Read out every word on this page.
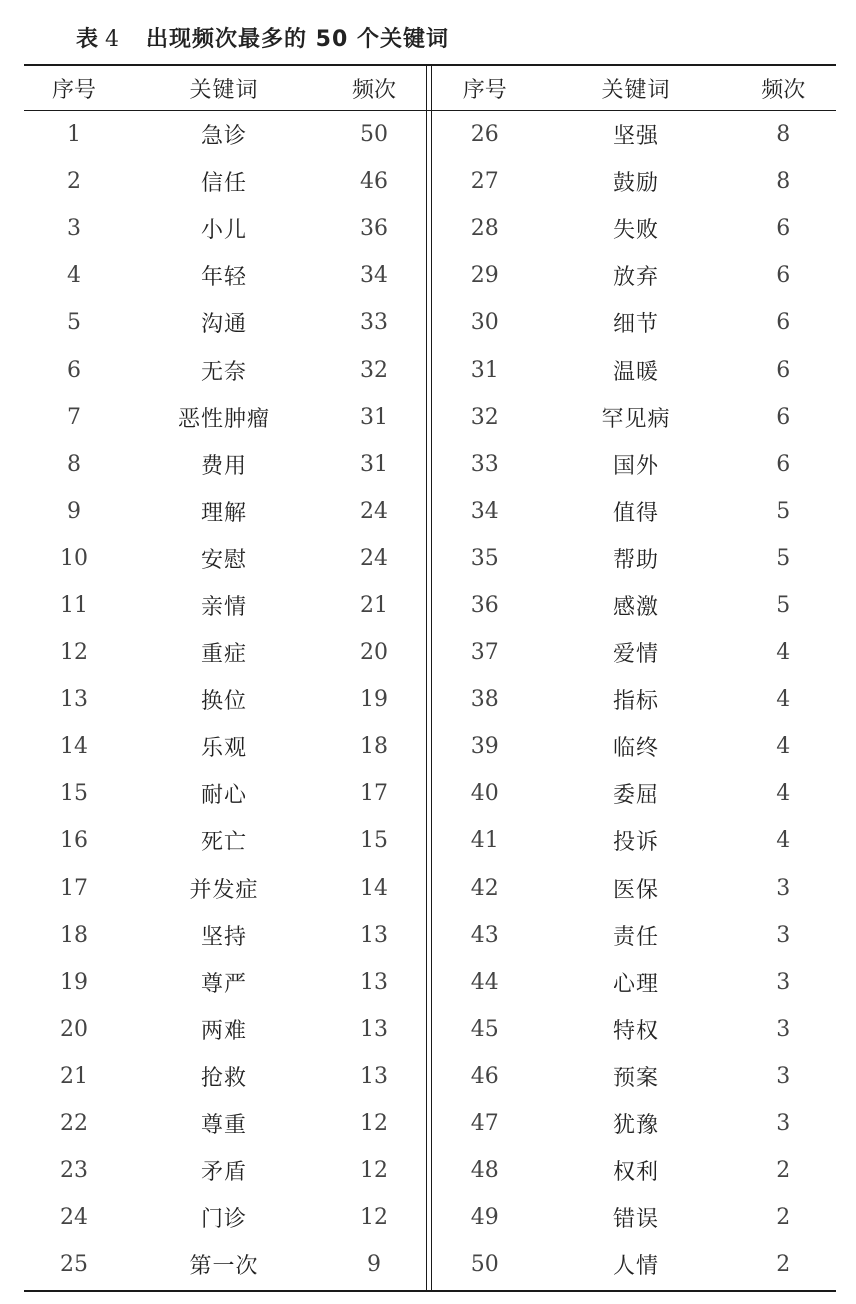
表 4 出现频次最多的 50 个关键词
序号	关键词	频次
1	急诊	50
2	信任	46
3	小儿	36
4	年轻	34
5	沟通	33
6	无奈	32
7	恶性肿瘤	31
8	费用	31
9	理解	24
10	安慰	24
11	亲情	21
12	重症	20
13	换位	19
14	乐观	18
15	耐心	17
16	死亡	15
17	并发症	14
18	坚持	13
19	尊严	13
20	两难	13
21	抢救	13
22	尊重	12
23	矛盾	12
24	门诊	12
25	第一次	9
序号	关键词	频次
26	坚强	8
27	鼓励	8
28	失败	6
29	放弃	6
30	细节	6
31	温暖	6
32	罕见病	6
33	国外	6
34	值得	5
35	帮助	5
36	感激	5
37	爱情	4
38	指标	4
39	临终	4
40	委屈	4
41	投诉	4
42	医保	3
43	责任	3
44	心理	3
45	特权	3
46	预案	3
47	犹豫	3
48	权利	2
49	错误	2
50	人情	2
